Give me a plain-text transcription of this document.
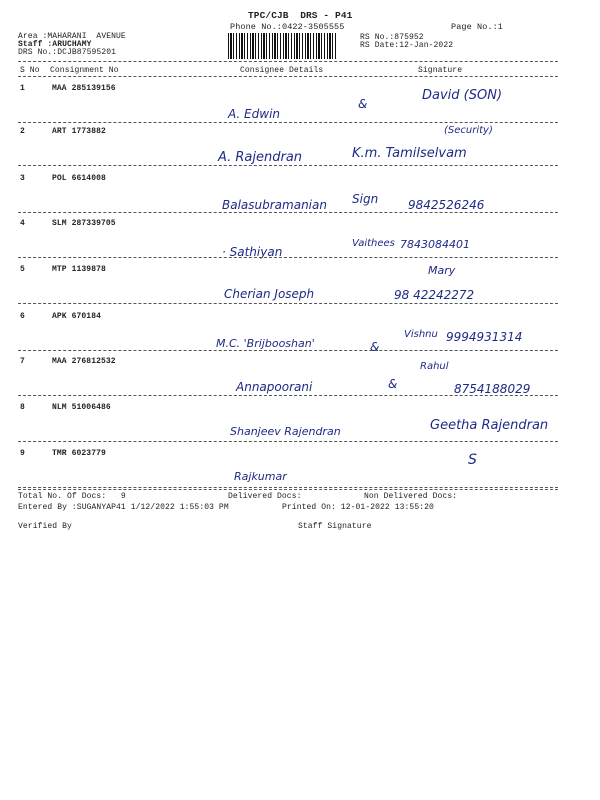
TPC/CJB  DRS - P41
Phone No.:0422-3505555	Page No.:1
Area :MAHARANI  AVENUE
Staff :ARUCHAMY
DRS No.:DCJB87595201
RS No.:875952
RS Date:12-Jan-2022
S No Consignment No	Consignee Details	Signature
1	MAA 285139156
A. Edwin
&
David (SON)
2	ART 1773882
A. Rajendran	K.m. Tamilselvam
(Security)
3	POL 6614008
Balasubramanian Sign 9842526246
4	SLM 287339705
· Sathiyan
Vaithees 7843084401
5	MTP 1139878
Cherian Joseph
Mary
98 42242272
6	APK 670184
M.C. 'Brijbooshan'	&
Vishnu 9994931314
7	MAA 276812532
Annapoorani	&
Rahul
8754188029
8	NLM 51006486
Shanjeev Rajendran	Geetha Rajendran
9	TMR 6023779
Rajkumar
S
Total No. Of Docs:   9	Delivered Docs:	Non Delivered Docs:
Entered By :SUGANYAP41 1/12/2022 1:55:03 PM	Printed On: 12-01-2022 13:55:20
Verified By	Staff Signature
